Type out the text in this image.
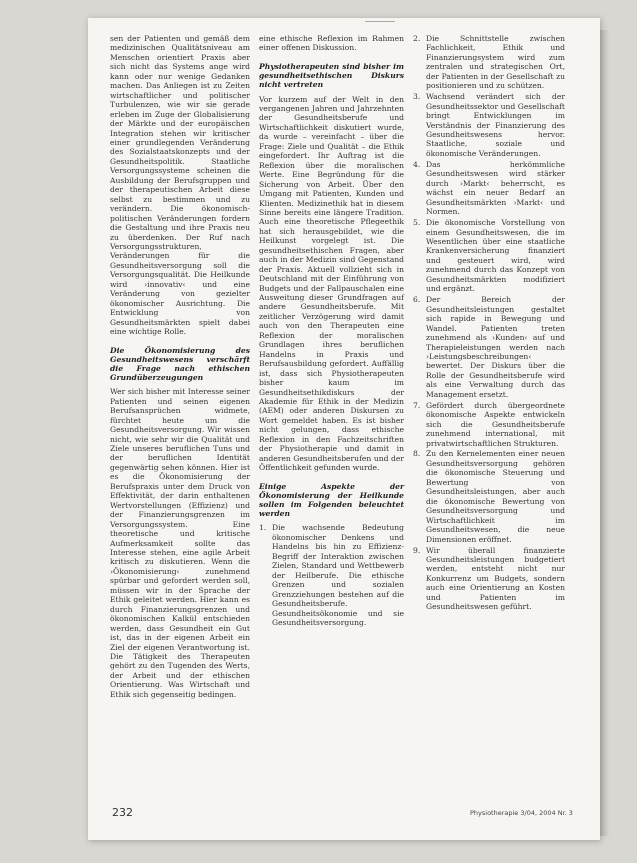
sen der Patienten und gemäß dem medizinischen Qualitätsniveau am Menschen orientiert Praxis aber sich nicht das Systems ange wird kann oder nur wenige Gedanken machen. Das Anliegen ist zu Zeiten wirtschaftlicher und politischer Turbulenzen, wie wir sie gerade erleben im Zuge der Globalisierung der Märkte und der europäischen Integration stehen wir kritischer einer grundlegenden Veränderung des Sozialstaatskonzepts und der Gesundheitspolitik. Staatliche Versorgungssysteme scheinen die Ausbildung der Berufsgruppen und der therapeutischen Arbeit diese selbst zu bestimmen und zu verändern. Die ökonomisch-politischen Veränderungen fordern die Gestaltung und ihre Praxis neu zu überdenken. Der Ruf nach Versorgungsstrukturen, Veränderungen für die Gesundheitsversorgung soll die Versorgungsqualität. Die Heilkunde wird ›innovativ‹ und eine Veränderung von gezielter ökonomischer Ausrichtung. Die Entwicklung von Gesundheitsmärkten spielt dabei eine wichtige Rolle.

Die Ökonomisierung des Gesundheitswesens verschärft die Frage nach ethischen Grundüberzeugungen

Wer sich bisher mit Interesse seiner Patienten und seinen eigenen Berufsansprüchen widmete, fürchtet heute um die Gesundheitsversorgung. Wir wissen nicht, wie sehr wir die Qualität und Ziele unseres beruflichen Tuns und der beruflichen Identität gegenwärtig sehen können. Hier ist es die Ökonomisierung der Berufspraxis unter dem Druck von Effektivität, der darin enthaltenen Wertvorstellungen (Effizienz) und der Finanzierungsgrenzen im Versorgungssystem. Eine theoretische und kritische Aufmerksamkeit sollte das Interesse stehen, eine agile Arbeit kritisch zu diskutieren. Wenn die ›Ökonomisierung‹ zunehmend spürbar und gefordert werden soll, müssen wir in der Sprache der Ethik geleitet werden. Hier kann es durch Finanzierungsgrenzen und ökonomischen Kalkül entschieden werden, dass Gesundheit ein Gut ist, das in der eigenen Arbeit ein Ziel der eigenen Verantwortung ist. Die Tätigkeit des Therapeuten gehört zu den Tugenden des Werts, der Arbeit und der ethischen Orientierung. Was Wirtschaft und Ethik sich gegenseitig bedingen.

eine ethische Reflexion im Rahmen einer offenen Diskussion.

Physiotherapeuten sind bisher im gesundheitsethischen Diskurs nicht vertreten

Vor kurzem auf der Welt in den vergangenen Jahren und Jahrzehnten der Gesundheitsberufe und Wirtschaftlichkeit diskutiert wurde, da wurde – vereinfacht – über die Frage: Ziele und Qualität – die Ethik eingefordert. Ihr Auftrag ist die Reflexion über die moralischen Werte. Eine Begründung für die Sicherung von Arbeit. Über den Umgang mit Patienten, Kunden und Klienten. Medizinethik hat in diesem Sinne bereits eine längere Tradition. Auch eine theoretische Pflegeethik hat sich herausgebildet, wie die Heilkunst vorgelegt ist. Die gesundheitsethischen Fragen, aber auch in der Medizin sind Gegenstand der Praxis. Aktuell vollzieht sich in Deutschland mit der Einführung von Budgets und der Fallpauschalen eine Ausweitung dieser Grundfragen auf andere Gesundheitsberufe. Mit zeitlicher Verzögerung wird damit auch von den Therapeuten eine Reflexion der moralischen Grundlagen ihres beruflichen Handelns in Praxis und Berufsausbildung gefordert. Auffällig ist, dass sich Physiotherapeuten bisher kaum im Gesundheitsethikdiskurs der Akademie für Ethik in der Medizin (AEM) oder anderen Diskursen zu Wort gemeldet haben. Es ist bisher nicht gelungen, dass ethische Reflexion in den Fachzeitschriften der Physiotherapie und damit in anderen Gesundheitsberufen und der Öffentlichkeit gefunden wurde.

Einige Aspekte der Ökonomisierung der Heilkunde sollen im Folgenden beleuchtet werden
1. Die wachsende Bedeutung ökonomischer Denkens und Handelns bis hin zu Effizienz-Begriff der Interaktion zwischen Zielen, Standard und Wettbewerb der Heilberufe. Die ethische Grenzen und sozialen Grenzziehungen bestehen auf die Gesundheitsberufe. Gesundheitsökonomie und sie Gesundheitsversorgung.
2. Die Schnittstelle zwischen Fachlichkeit, Ethik und Finanzierungsystem wird zum zentralen und strategischen Ort, der Patienten in der Gesellschaft zu positionieren und zu schützen.
3. Wachsend verändert sich der Gesundheitssektor und Gesellschaft bringt Entwicklungen im Verständnis der Finanzierung des Gesundheitswesens hervor. Staatliche, soziale und ökonomische Veränderungen.
4. Das herkömmliche Gesundheitswesen wird stärker durch ›Markt‹ beherrscht, es wächst ein neuer Bedarf an Gesundheitsmärkten ›Markt‹ und Normen.
5. Die ökonomische Vorstellung von einem Gesundheitswesen, die im Wesentlichen über eine staatliche Krankenversicherung finanziert und gesteuert wird, wird zunehmend durch das Konzept von Gesundheitsmärkten modifiziert und ergänzt.
6. Der Bereich der Gesundheitsleistungen gestaltet sich rapide in Bewegung und Wandel. Patienten treten zunehmend als ›Kunden‹ auf und Therapieleistungen werden nach ›Leistungsbeschreibungen‹ bewertet. Der Diskurs über die Rolle der Gesundheitsberufe wird als eine Verwaltung durch das Management ersetzt.
7. Gefördert durch übergeordnete ökonomische Aspekte entwickeln sich die Gesundheitsberufe zunehmend international, mit privatwirtschaftlichen Strukturen.
8. Zu den Kernelementen einer neuen Gesundheitsversorgung gehören die ökonomische Steuerung und Bewertung von Gesundheitsleistungen, aber auch die ökonomische Bewertung von Gesundheitsversorgung und Wirtschaftlichkeit im Gesundheitswesen, die neue Dimensionen eröffnet.
9. Wir überall finanzierte Gesundheitsleistungen budgetiert werden, entsteht nicht nur Konkurrenz um Budgets, sondern auch eine Orientierung an Kosten und Patienten im Gesundheitswesen geführt.
232	Physiotherapie 3/04, 2004 Nr. 3
